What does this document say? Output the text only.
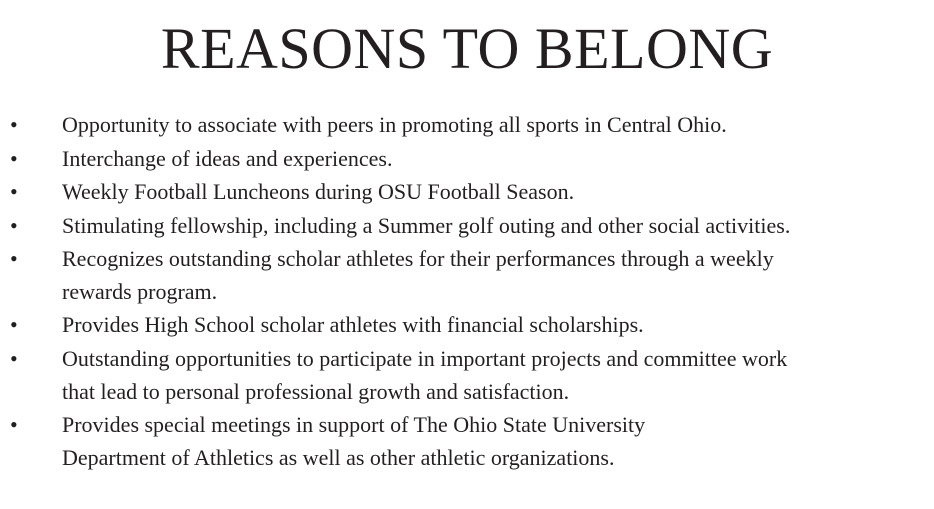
REASONS TO BELONG
• Opportunity to associate with peers in promoting all sports in Central Ohio.
• Interchange of ideas and experiences.
• Weekly Football Luncheons during OSU Football Season.
• Stimulating fellowship, including a Summer golf outing and other social activities.
• Recognizes outstanding scholar athletes for their performances through a weekly
rewards program.
• Provides High School scholar athletes with financial scholarships.
• Outstanding opportunities to participate in important projects and committee work
that lead to personal professional growth and satisfaction.
• Provides special meetings in support of The Ohio State University
Department of Athletics as well as other athletic organizations.
